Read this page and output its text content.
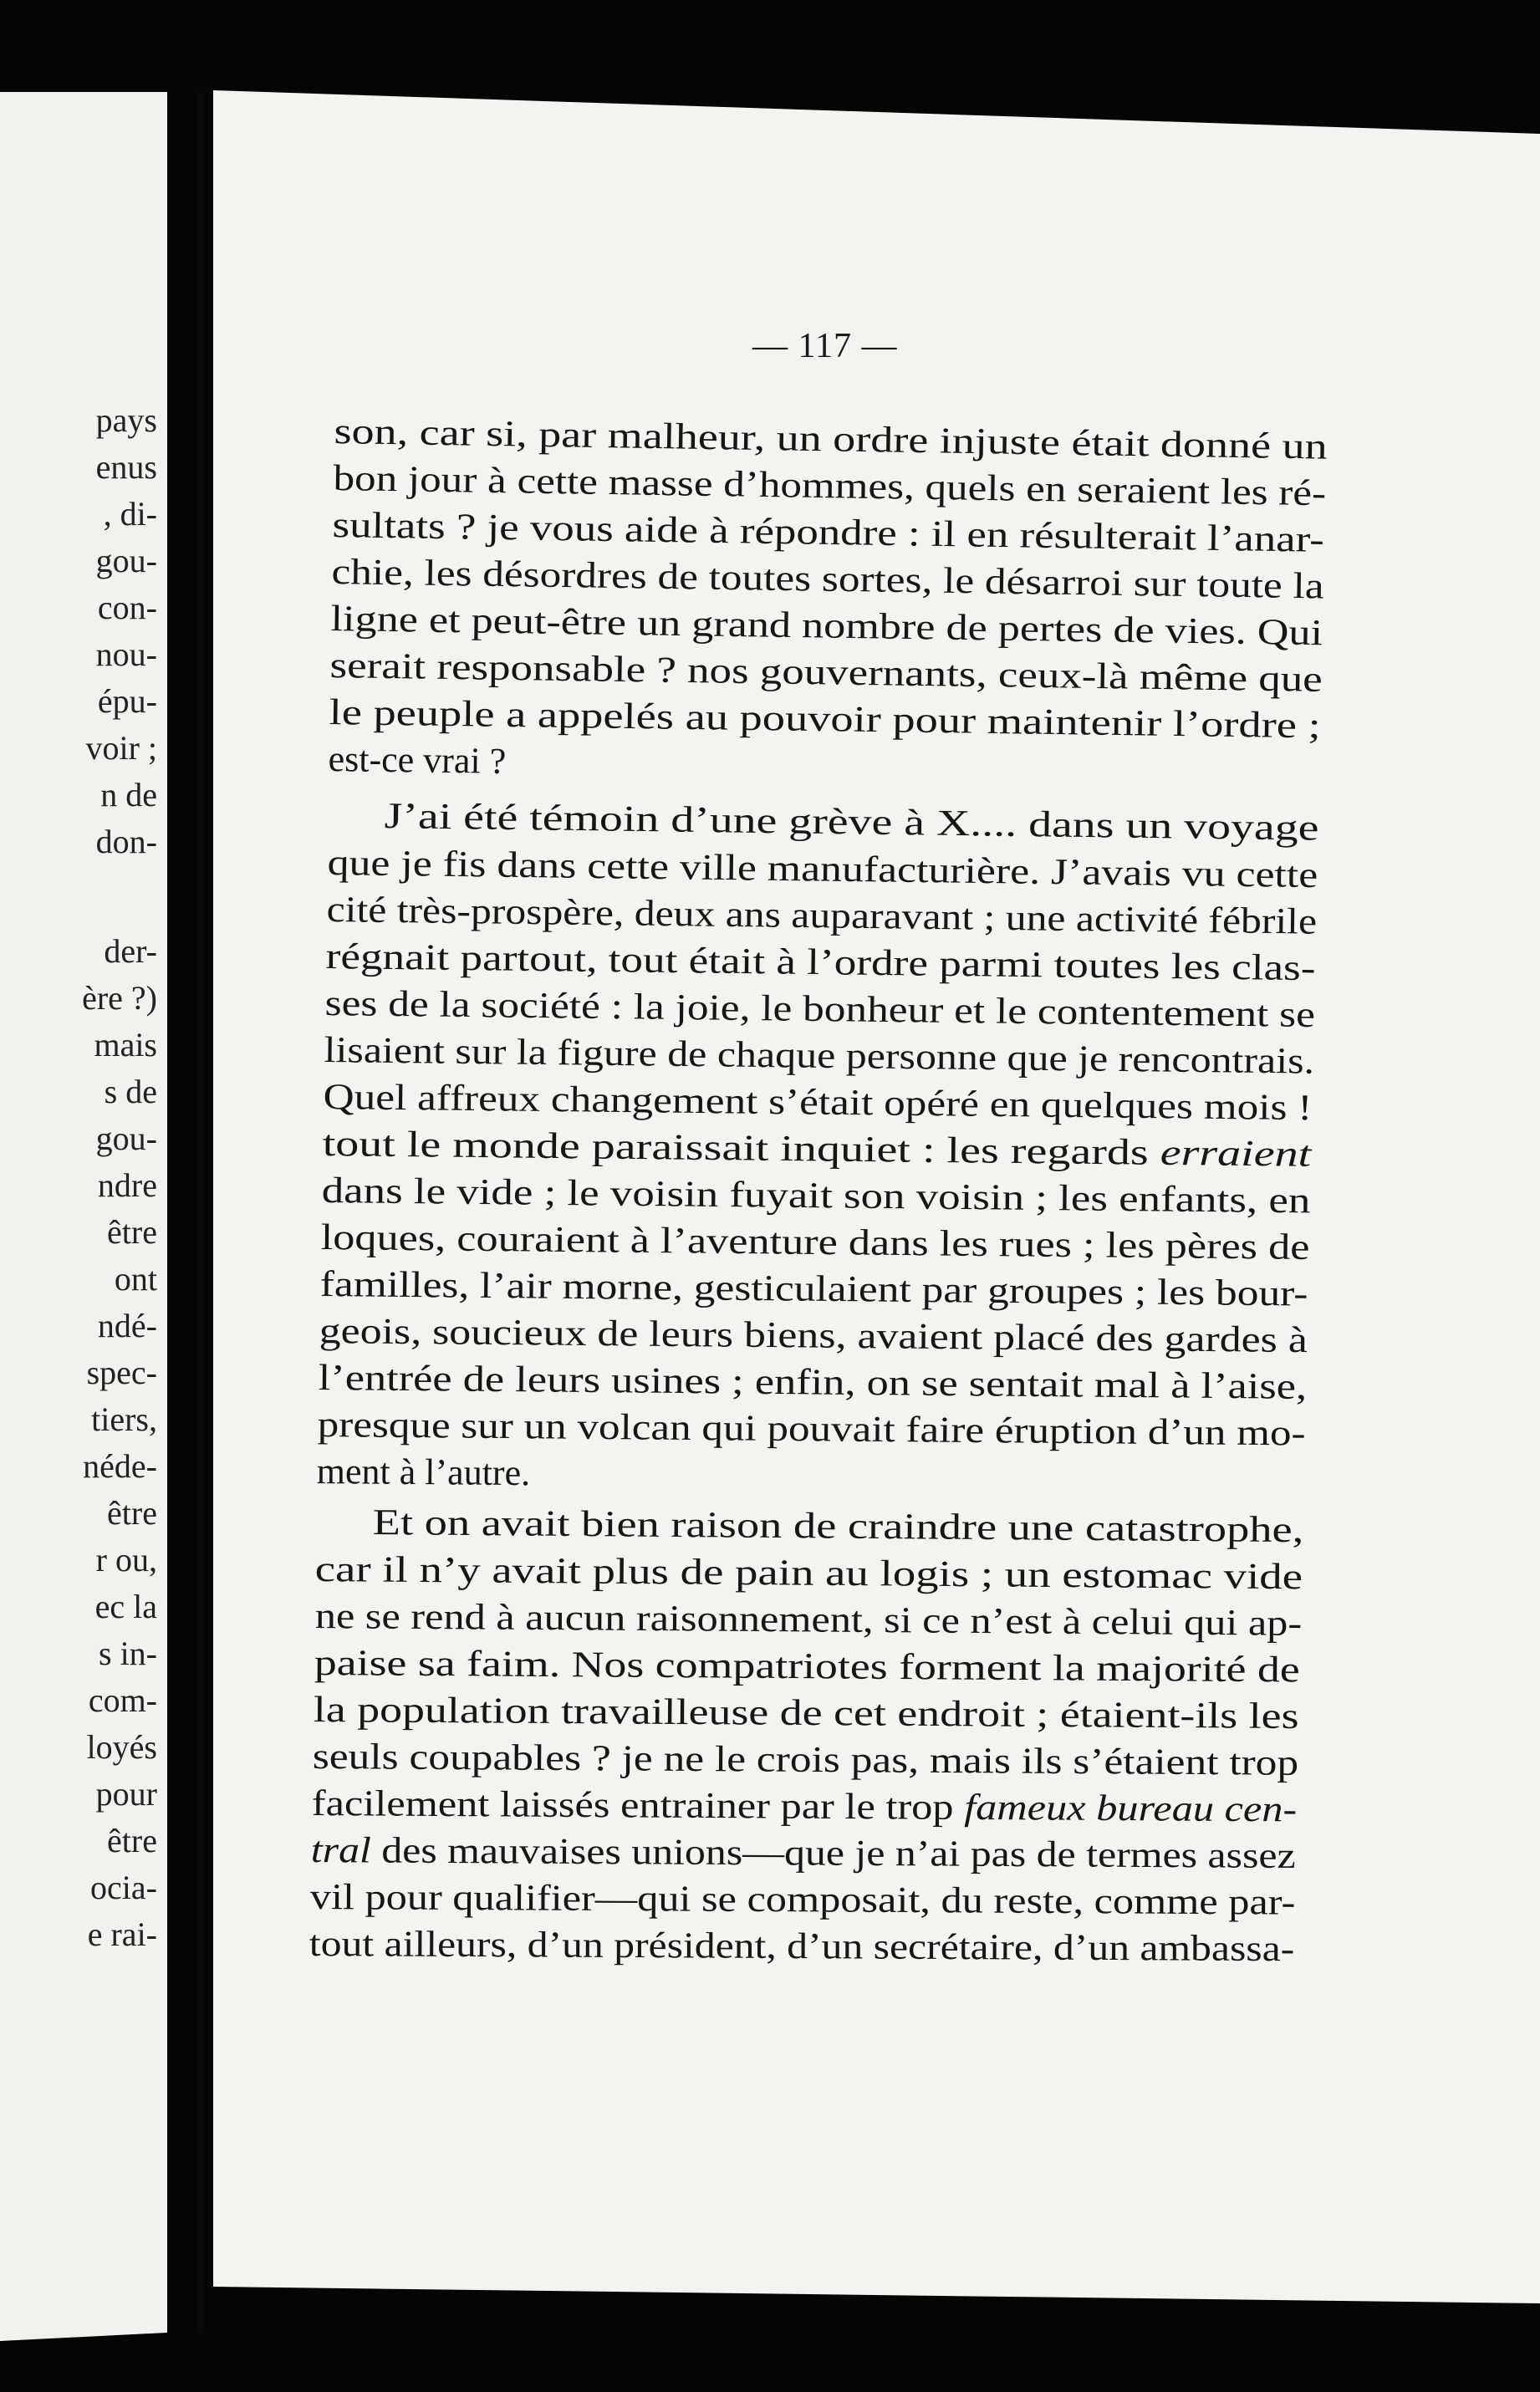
pays
enus
, di-
gou-
con-
nou-
épu-
voir ;
n de
don-
der-
ère ?)
mais
s de
gou-
ndre
être
ont
ndé-
spec-
tiers,
néde-
être
r ou,
ec la
s in-
com-
loyés
pour
être
ocia-
e rai-
— 117 —
son, car si, par malheur, un ordre injuste était donné un
bon jour à cette masse d’hommes, quels en seraient les ré-
sultats ? je vous aide à répondre : il en résulterait l’anar-
chie, les désordres de toutes sortes, le désarroi sur toute la
ligne et peut-être un grand nombre de pertes de vies. Qui
serait responsable ? nos gouvernants, ceux-là même que
le peuple a appelés au pouvoir pour maintenir l’ordre ;
est-ce vrai ?
J’ai été témoin d’une grève à X.... dans un voyage
que je fis dans cette ville manufacturière. J’avais vu cette
cité très-prospère, deux ans auparavant ; une activité fébrile
régnait partout, tout était à l’ordre parmi toutes les clas-
ses de la société : la joie, le bonheur et le contentement se
lisaient sur la figure de chaque personne que je rencontrais.
Quel affreux changement s’était opéré en quelques mois !
tout le monde paraissait inquiet : les regards erraient
dans le vide ; le voisin fuyait son voisin ; les enfants, en
loques, couraient à l’aventure dans les rues ; les pères de
familles, l’air morne, gesticulaient par groupes ; les bour-
geois, soucieux de leurs biens, avaient placé des gardes à
l’entrée de leurs usines ; enfin, on se sentait mal à l’aise,
presque sur un volcan qui pouvait faire éruption d’un mo-
ment à l’autre.
Et on avait bien raison de craindre une catastrophe,
car il n’y avait plus de pain au logis ; un estomac vide
ne se rend à aucun raisonnement, si ce n’est à celui qui ap-
paise sa faim. Nos compatriotes forment la majorité de
la population travailleuse de cet endroit ; étaient-ils les
seuls coupables ? je ne le crois pas, mais ils s’étaient trop
facilement laissés entrainer par le trop fameux bureau cen-
tral des mauvaises unions—que je n’ai pas de termes assez
vil pour qualifier—qui se composait, du reste, comme par-
tout ailleurs, d’un président, d’un secrétaire, d’un ambassa-
